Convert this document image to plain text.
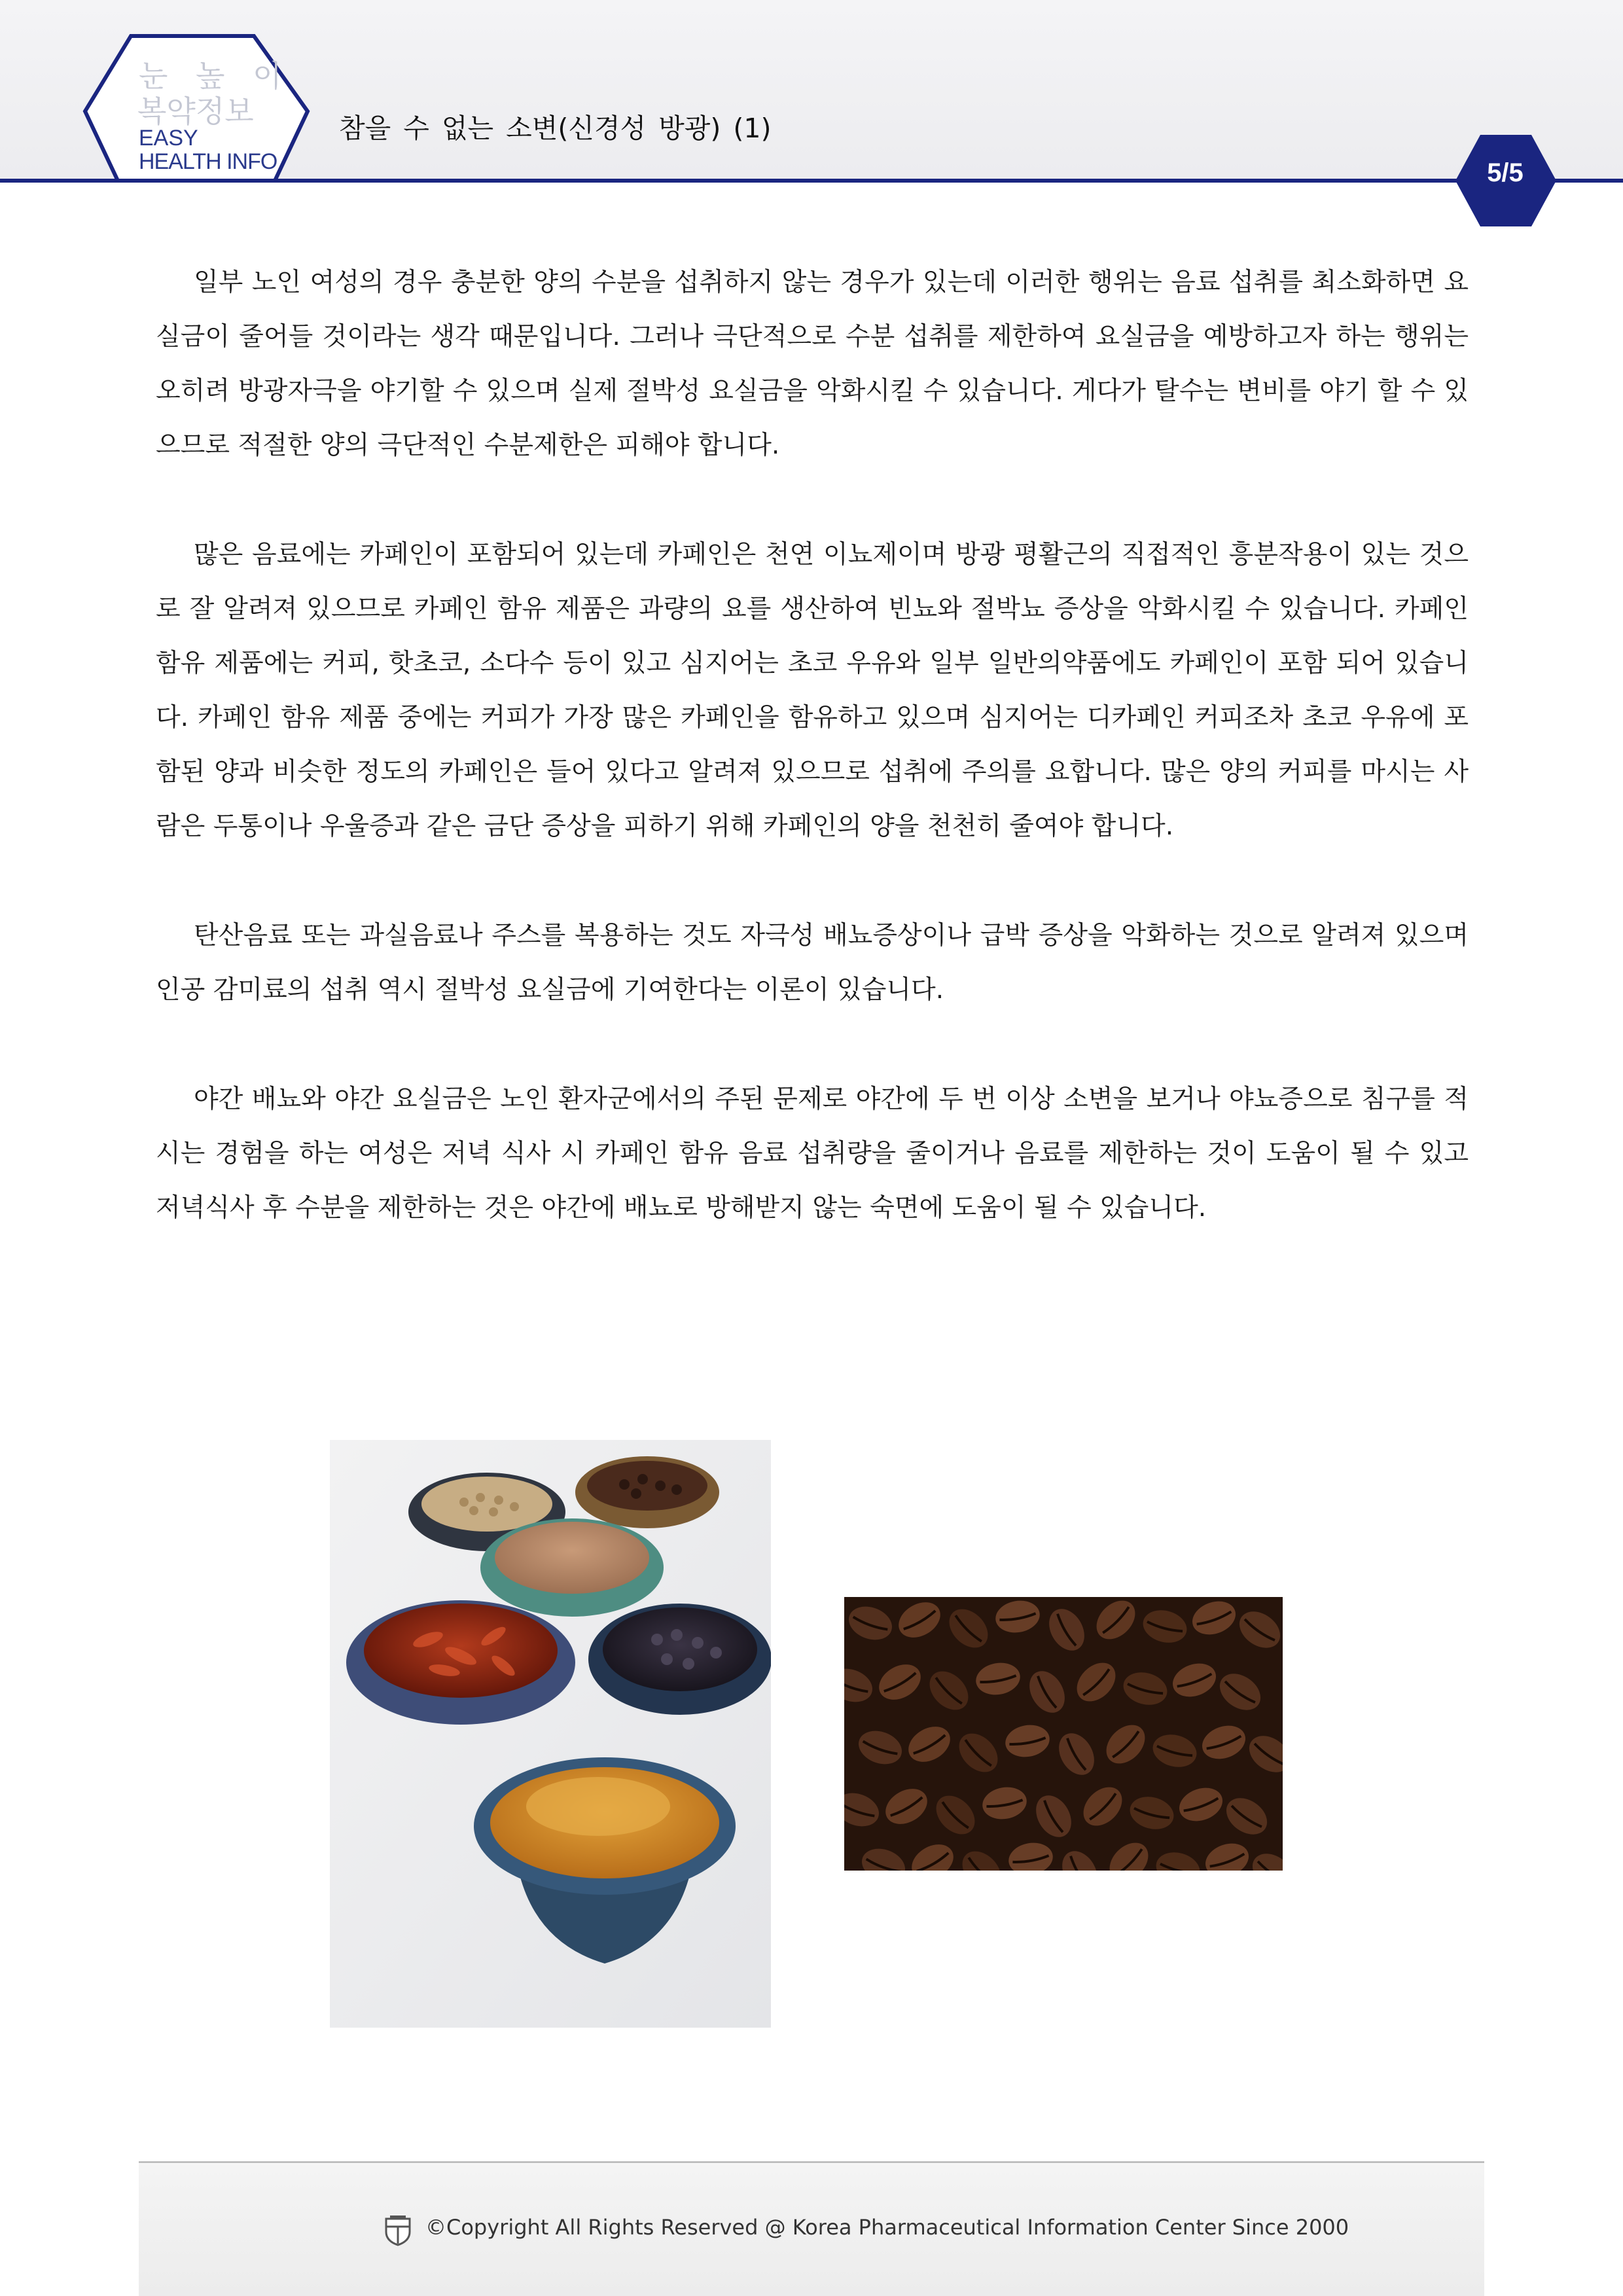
눈 높 이
복약정보
EASY
HEALTH INFO
참을 수 없는 소변(신경성 방광) (1)
5/5

일부 노인 여성의 경우 충분한 양의 수분을 섭취하지 않는 경우가 있는데 이러한 행위는 음료 섭취를 최소화하면 요실금이 줄어들 것이라는 생각 때문입니다. 그러나 극단적으로 수분 섭취를 제한하여 요실금을 예방하고자 하는 행위는 오히려 방광자극을 야기할 수 있으며 실제 절박성 요실금을 악화시킬 수 있습니다. 게다가 탈수는 변비를 야기 할 수 있으므로 적절한 양의 극단적인 수분제한은 피해야 합니다.

많은 음료에는 카페인이 포함되어 있는데 카페인은 천연 이뇨제이며 방광 평활근의 직접적인 흥분작용이 있는 것으로 잘 알려져 있으므로 카페인 함유 제품은 과량의 요를 생산하여 빈뇨와 절박뇨 증상을 악화시킬 수 있습니다. 카페인 함유 제품에는 커피, 핫초코, 소다수 등이 있고 심지어는 초코 우유와 일부 일반의약품에도 카페인이 포함 되어 있습니다. 카페인 함유 제품 중에는 커피가 가장 많은 카페인을 함유하고 있으며 심지어는 디카페인 커피조차 초코 우유에 포함된 양과 비슷한 정도의 카페인은 들어 있다고 알려져 있으므로 섭취에 주의를 요합니다. 많은 양의 커피를 마시는 사람은 두통이나 우울증과 같은 금단 증상을 피하기 위해 카페인의 양을 천천히 줄여야 합니다.

탄산음료 또는 과실음료나 주스를 복용하는 것도 자극성 배뇨증상이나 급박 증상을 악화하는 것으로 알려져 있으며 인공 감미료의 섭취 역시 절박성 요실금에 기여한다는 이론이 있습니다.

야간 배뇨와 야간 요실금은 노인 환자군에서의 주된 문제로 야간에 두 번 이상 소변을 보거나 야뇨증으로 침구를 적시는 경험을 하는 여성은 저녁 식사 시 카페인 함유 음료 섭취량을 줄이거나 음료를 제한하는 것이 도움이 될 수 있고 저녁식사 후 수분을 제한하는 것은 야간에 배뇨로 방해받지 않는 숙면에 도움이 될 수 있습니다.

©Copyright All Rights Reserved @ Korea Pharmaceutical Information Center Since 2000
